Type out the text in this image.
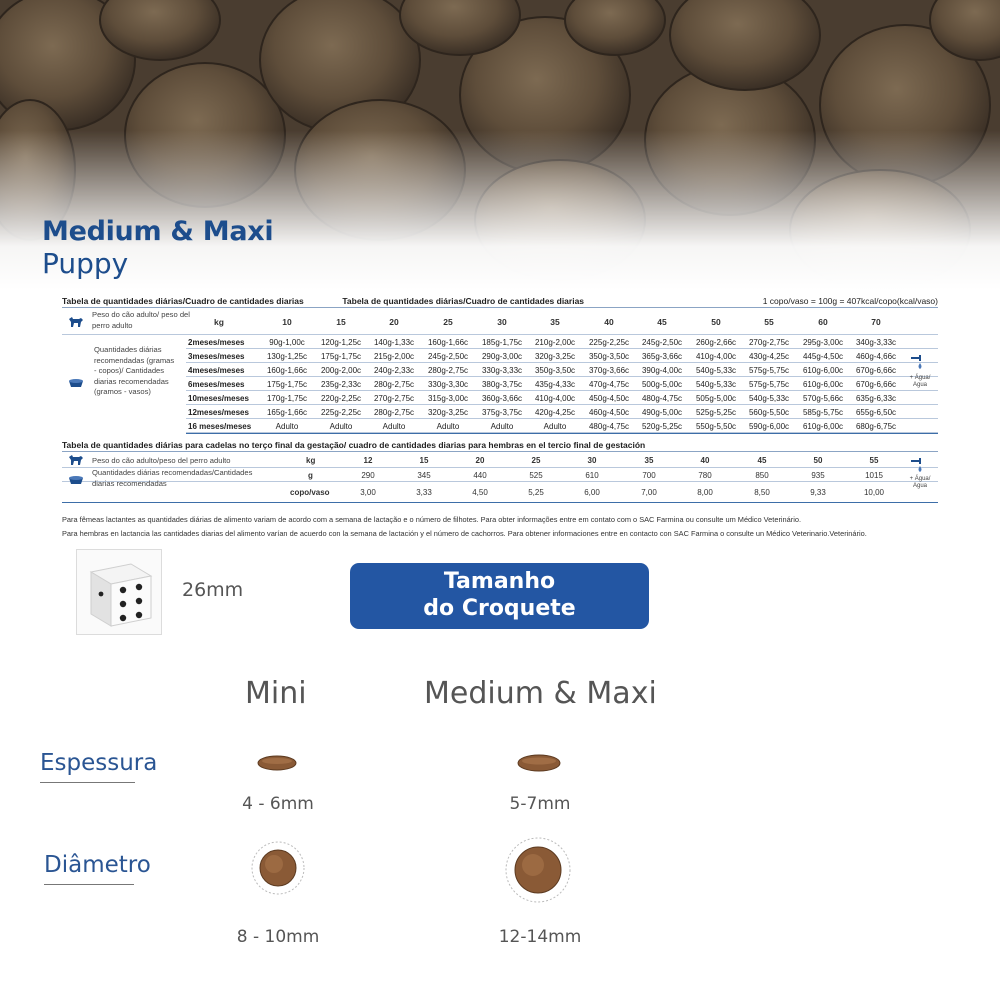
Medium & Maxi
Puppy
Tabela de quantidades diárias/Cuadro de cantidades diarias	Tabela de quantidades diárias/Cuadro de cantidades diarias	1 copo/vaso = 100g = 407kcal/copo(kcal/vaso)
Peso do cão adulto/ peso del perro adulto	kg	10	15	20	25	30	35	40	45	50	55	60	70
Quantidades diárias recomendadas (gramas - copos)/ Cantidades diarias recomendadas (gramos - vasos)
2meses/meses	90g-1,00c 120g-1,25c 140g-1,33c 160g-1,66c 185g-1,75c 210g-2,00c 225g-2,25c 245g-2,50c 260g-2,66c 270g-2,75c 295g-3,00c 340g-3,33c
3meses/meses	130g-1,25c 175g-1,75c 215g-2,00c 245g-2,50c 290g-3,00c 320g-3,25c 350g-3,50c 365g-3,66c 410g-4,00c 430g-4,25c 445g-4,50c 460g-4,66c
4meses/meses	160g-1,66c 200g-2,00c 240g-2,33c 280g-2,75c 330g-3,33c 350g-3,50c 370g-3,66c 390g-4,00c 540g-5,33c 575g-5,75c 610g-6,00c 670g-6,66c
6meses/meses	175g-1,75c 235g-2,33c 280g-2,75c 330g-3,30c 380g-3,75c 435g-4,33c 470g-4,75c 500g-5,00c 540g-5,33c 575g-5,75c 610g-6,00c 670g-6,66c
10meses/meses 170g-1,75c 220g-2,25c 270g-2,75c 315g-3,00c 360g-3,66c 410g-4,00c 450g-4,50c 480g-4,75c 505g-5,00c 540g-5,33c 570g-5,66c 635g-6,33c
12meses/meses 165g-1,66c 225g-2,25c 280g-2,75c 320g-3,25c 375g-3,75c 420g-4,25c 460g-4,50c 490g-5,00c 525g-5,25c 560g-5,50c 585g-5,75c 655g-6,50c
16 meses/meses	Adulto	Adulto	Adulto	Adulto	Adulto	Adulto	480g-4,75c 520g-5,25c 550g-5,50c 590g-6,00c 610g-6,00c 680g-6,75c
+ Água/ Agua
Tabela de quantidades diárias para cadelas no terço final da gestação/ cuadro de cantidades diarias para hembras en el tercio final de gestación
Peso do cão adulto/peso del perro adulto	kg	12	15	20	25	30	35	40	45	50	55
g	290	345	440	525	610	700	780	850	935	1015
Quantidades diárias recomendadas/Cantidades diarias recomendadas
copo/vaso	3,00	3,33	4,50	5,25	6,00	7,00	8,00	8,50	9,33	10,00
+ Água/ Agua
Para fêmeas lactantes as quantidades diárias de alimento variam de acordo com a semana de lactação e o número de filhotes. Para obter informações entre em contato com o SAC Farmina ou consulte um Médico Veterinário.
Para hembras en lactancia las cantidades diarias del alimento varían de acuerdo con la semana de lactación y el número de cachorros. Para obtener informaciones entre en contacto con SAC Farmina o consulte un Médico Veterinario.Veterinário.
26mm	Tamanho
do Croquete
Mini	Medium & Maxi
Espessura
Diâmetro
4 - 6mm	5-7mm
8 - 10mm	12-14mm
